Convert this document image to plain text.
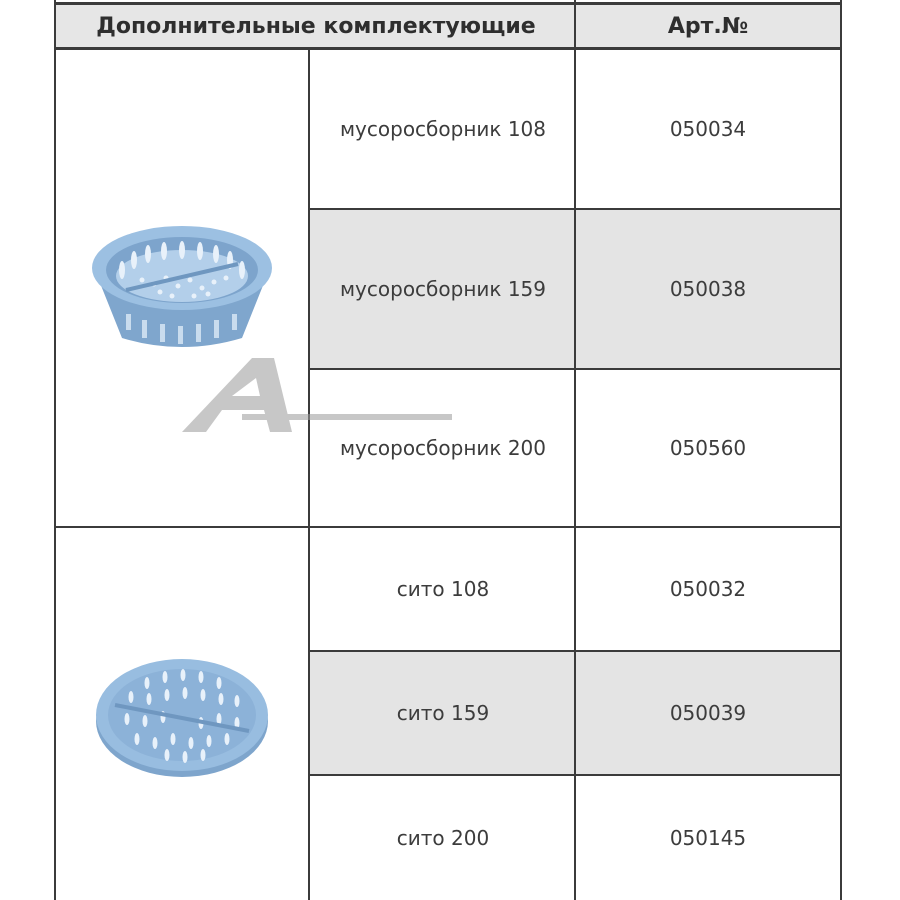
Дополнительные комплектующие	Арт.№
мусоросборник 108	050034
мусоросборник 159	050038
мусоросборник 200	050560
сито 108	050032
сито 159	050039
сито 200	050145
